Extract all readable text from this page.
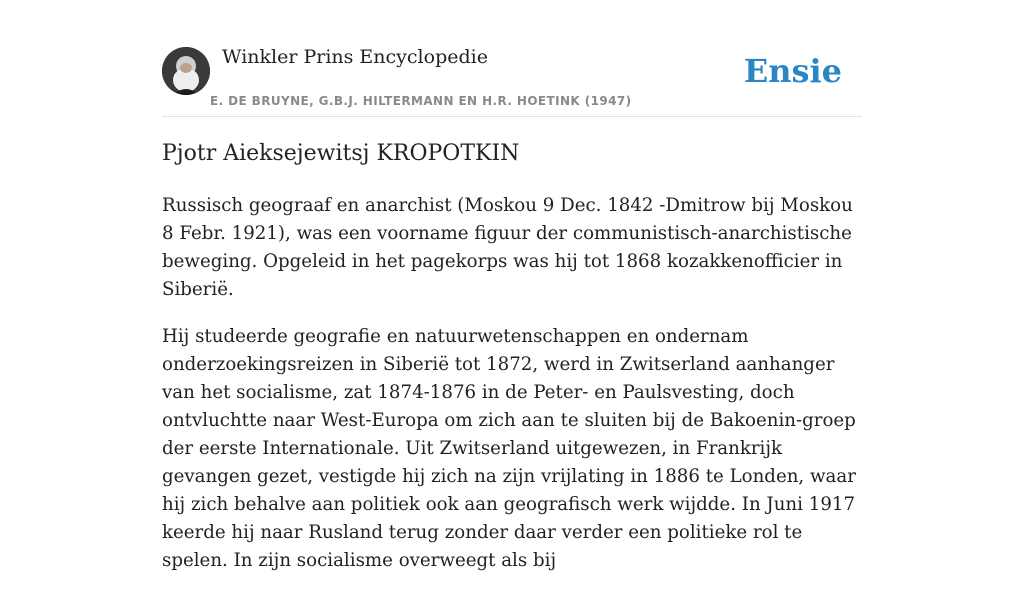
Winkler Prins Encyclopedie
E. DE BRUYNE, G.B.J. HILTERMANN EN H.R. HOETINK (1947)
Ensie
Pjotr Aieksejewitsj KROPOTKIN

Russisch geograaf en anarchist (Moskou 9 Dec. 1842 -Dmitrow bij Moskou 8 Febr. 1921), was een voorname figuur der communistisch-anarchistische beweging. Opgeleid in het pagekorps was hij tot 1868 kozakkenofficier in Siberië.

Hij studeerde geografie en natuurwetenschappen en ondernam onderzoekingsreizen in Siberië tot 1872, werd in Zwitserland aanhanger van het socialisme, zat 1874-1876 in de Peter- en Paulsvesting, doch ontvluchtte naar West-Europa om zich aan te sluiten bij de Bakoenin-groep der eerste Internationale. Uit Zwitserland uitgewezen, in Frankrijk gevangen gezet, vestigde hij zich na zijn vrijlating in 1886 te Londen, waar hij zich behalve aan politiek ook aan geografisch werk wijdde. In Juni 1917 keerde hij naar Rusland terug zonder daar verder een politieke rol te spelen. In zijn socialisme overweegt als bij
